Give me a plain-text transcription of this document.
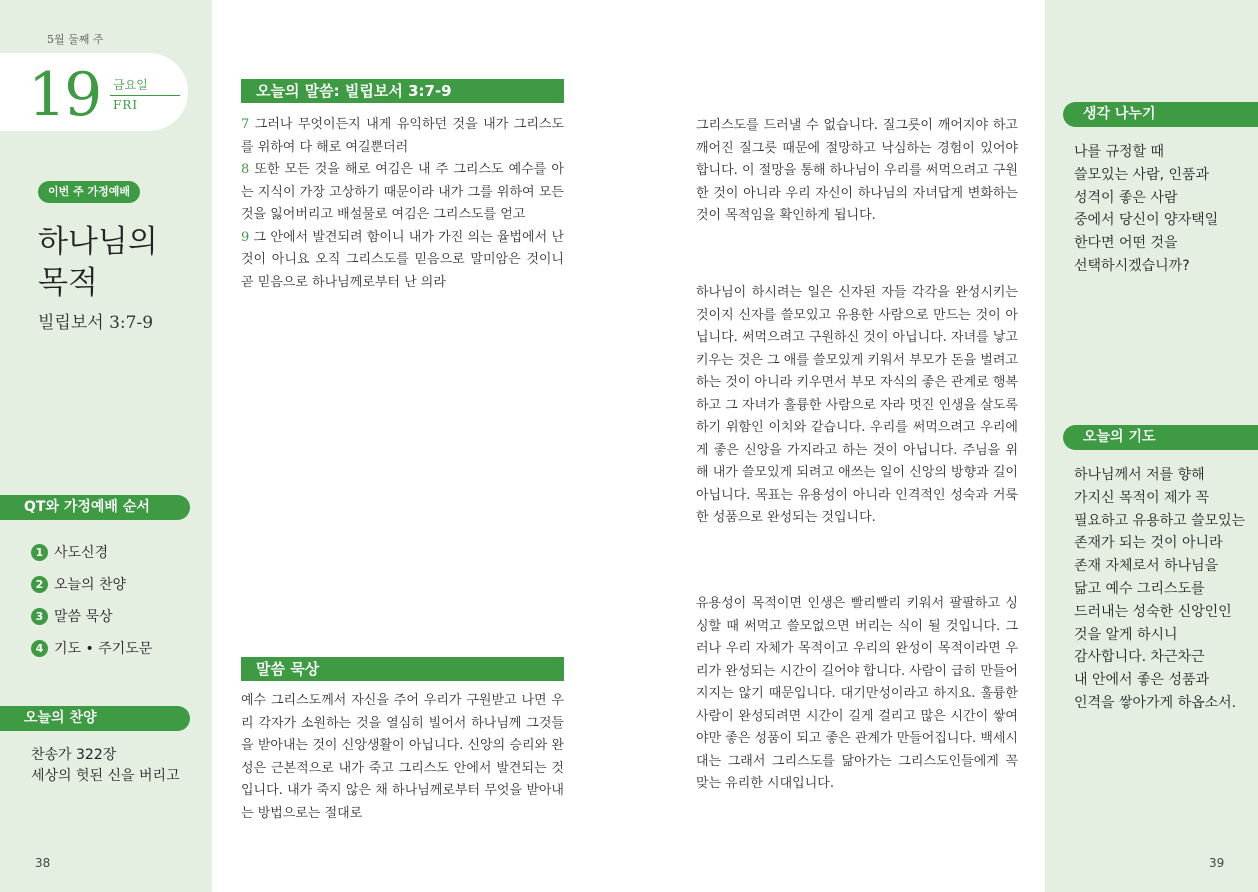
5월 둘째 주
19 금요일
FRI
이번 주 가정예배
하나님의
목적
빌립보서 3:7-9
QT와 가정예배 순서
1 사도신경
2 오늘의 찬양
3 말씀 묵상
4 기도 • 주기도문
오늘의 찬양
찬송가 322장
세상의 헛된 신을 버리고
38
오늘의 말씀: 빌립보서 3:7-9
7 그러나 무엇이든지 내게 유익하던 것을 내가 그리스도를 위하여 다 해로 여길뿐더러
8 또한 모든 것을 해로 여김은 내 주 그리스도 예수를 아는 지식이 가장 고상하기 때문이라 내가 그를 위하여 모든 것을 잃어버리고 배설물로 여김은 그리스도를 얻고
9 그 안에서 발견되려 함이니 내가 가진 의는 율법에서 난 것이 아니요 오직 그리스도를 믿음으로 말미암은 것이니 곧 믿음으로 하나님께로부터 난 의라
말씀 묵상
예수 그리스도께서 자신을 주어 우리가 구원받고 나면 우리 각자가 소원하는 것을 열심히 빌어서 하나님께 그것들을 받아내는 것이 신앙생활이 아닙니다. 신앙의 승리와 완성은 근본적으로 내가 죽고 그리스도 안에서 발견되는 것입니다. 내가 죽지 않은 채 하나님께로부터 무엇을 받아내는 방법으로는 절대로
그리스도를 드러낼 수 없습니다. 질그릇이 깨어지야 하고 깨어진 질그릇 때문에 절망하고 낙심하는 경험이 있어야 합니다. 이 절망을 통해 하나님이 우리를 써먹으려고 구원한 것이 아니라 우리 자신이 하나님의 자녀답게 변화하는 것이 목적임을 확인하게 됩니다.
하나님이 하시려는 일은 신자된 자들 각각을 완성시키는 것이지 신자를 쓸모있고 유용한 사람으로 만드는 것이 아닙니다. 써먹으려고 구원하신 것이 아닙니다. 자녀를 낳고 키우는 것은 그 애를 쓸모있게 키워서 부모가 돈을 벌려고 하는 것이 아니라 키우면서 부모 자식의 좋은 관계로 행복하고 그 자녀가 훌륭한 사람으로 자라 멋진 인생을 살도록 하기 위함인 이치와 같습니다. 우리를 써먹으려고 우리에게 좋은 신앙을 가지라고 하는 것이 아닙니다. 주님을 위해 내가 쓸모있게 되려고 애쓰는 일이 신앙의 방향과 길이 아닙니다. 목표는 유용성이 아니라 인격적인 성숙과 거룩한 성품으로 완성되는 것입니다.
유용성이 목적이면 인생은 빨리빨리 키워서 팔팔하고 싱싱할 때 써먹고 쓸모없으면 버리는 식이 될 것입니다. 그러나 우리 자체가 목적이고 우리의 완성이 목적이라면 우리가 완성되는 시간이 길어야 합니다. 사람이 급히 만들어지지는 않기 때문입니다. 대기만성이라고 하지요. 훌륭한 사람이 완성되려면 시간이 길게 걸리고 많은 시간이 쌓여야만 좋은 성품이 되고 좋은 관계가 만들어집니다. 백세시대는 그래서 그리스도를 닮아가는 그리스도인들에게 꼭 맞는 유리한 시대입니다.
생각 나누기
나를 규정할 때
쓸모있는 사람, 인품과
성격이 좋은 사람
중에서 당신이 양자택일
한다면 어떤 것을
선택하시겠습니까?
오늘의 기도
하나님께서 저를 향해
가지신 목적이 제가 꼭
필요하고 유용하고 쓸모있는
존재가 되는 것이 아니라
존재 자체로서 하나님을
닮고 예수 그리스도를
드러내는 성숙한 신앙인인
것을 알게 하시니
감사합니다. 차근차근
내 안에서 좋은 성품과
인격을 쌓아가게 하옵소서.
39
